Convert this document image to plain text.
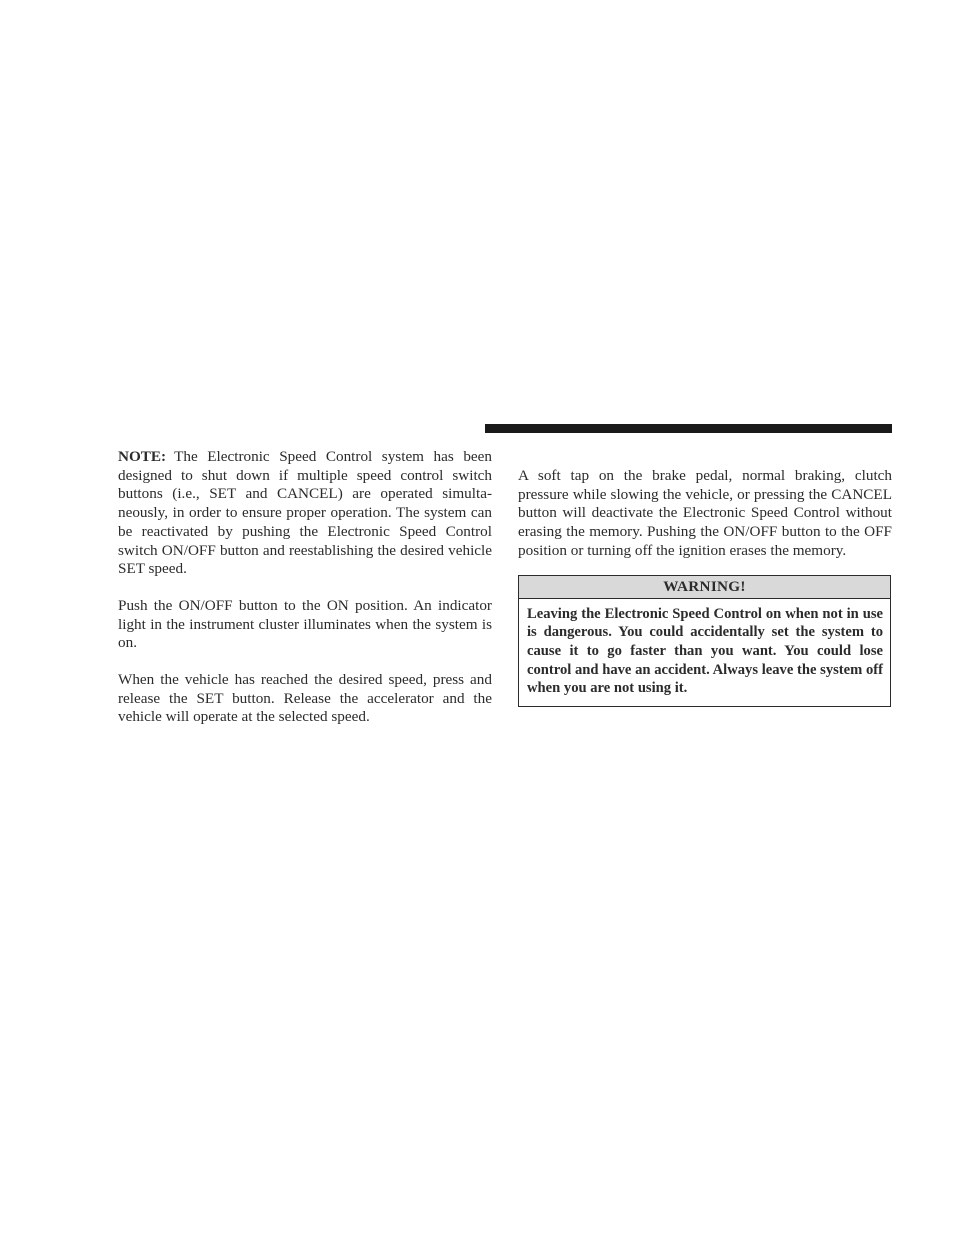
NOTE: The Electronic Speed Control system has been designed to shut down if multiple speed control switch buttons (i.e., SET and CANCEL) are operated simultaneously, in order to ensure proper operation. The system can be reactivated by pushing the Electronic Speed Control switch ON/OFF button and reestablishing the desired vehicle SET speed.

Push the ON/OFF button to the ON position. An indicator light in the instrument cluster illuminates when the system is on.

When the vehicle has reached the desired speed, press and release the SET button. Release the accelerator and the vehicle will operate at the selected speed.

A soft tap on the brake pedal, normal braking, clutch pressure while slowing the vehicle, or pressing the CANCEL button will deactivate the Electronic Speed Control without erasing the memory. Pushing the ON/OFF button to the OFF position or turning off the ignition erases the memory.

WARNING!
Leaving the Electronic Speed Control on when not in use is dangerous. You could accidentally set the system to cause it to go faster than you want. You could lose control and have an accident. Always leave the system off when you are not using it.
